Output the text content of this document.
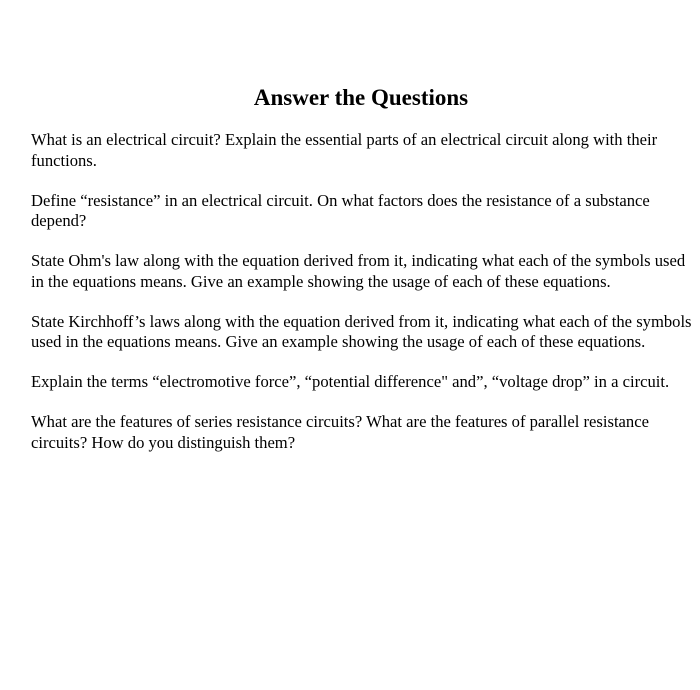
Answer the Questions
What is an electrical circuit? Explain the essential parts of an electrical circuit along with their functions.
Define “resistance” in an electrical circuit. On what factors does the resistance of a substance depend?
State Ohm's law along with the equation derived from it, indicating what each of the symbols used in the equations means. Give an example showing the usage of each of these equations.
State Kirchhoff’s laws along with the equation derived from it, indicating what each of the symbols used in the equations means. Give an example showing the usage of each of these equations.
Explain the terms “electromotive force”, “potential difference" and”, “voltage drop” in a circuit.
What are the features of series resistance circuits? What are the features of parallel resistance circuits? How do you distinguish them?
